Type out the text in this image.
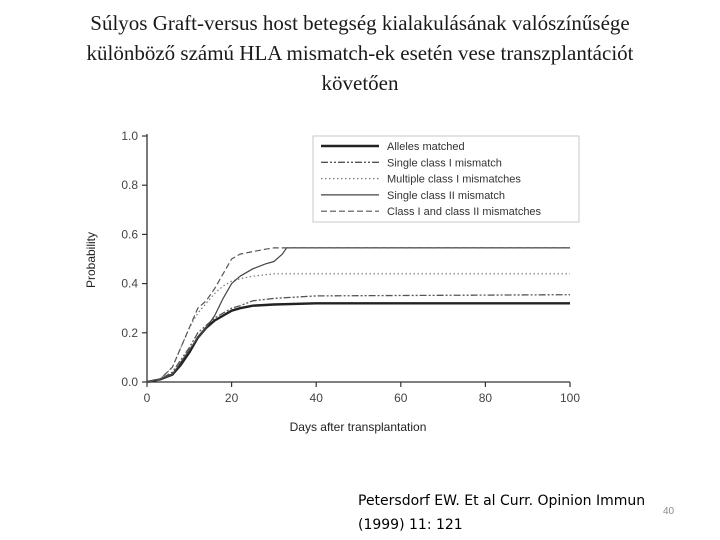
Súlyos Graft-versus host betegség kialakulásának valószínűsége
különböző számú HLA mismatch-ek esetén vese transzplantációt
követően
0.0
0.2
0.4
0.6
0.8
1.0
0	20	40	60	80	100
Alleles matched
Single class I mismatch
Multiple class I mismatches
Single class II mismatch
Class I and class II mismatches
Probability
Days after transplantation
Petersdorf EW. Et al Curr. Opinion Immun
(1999) 11: 121
40
